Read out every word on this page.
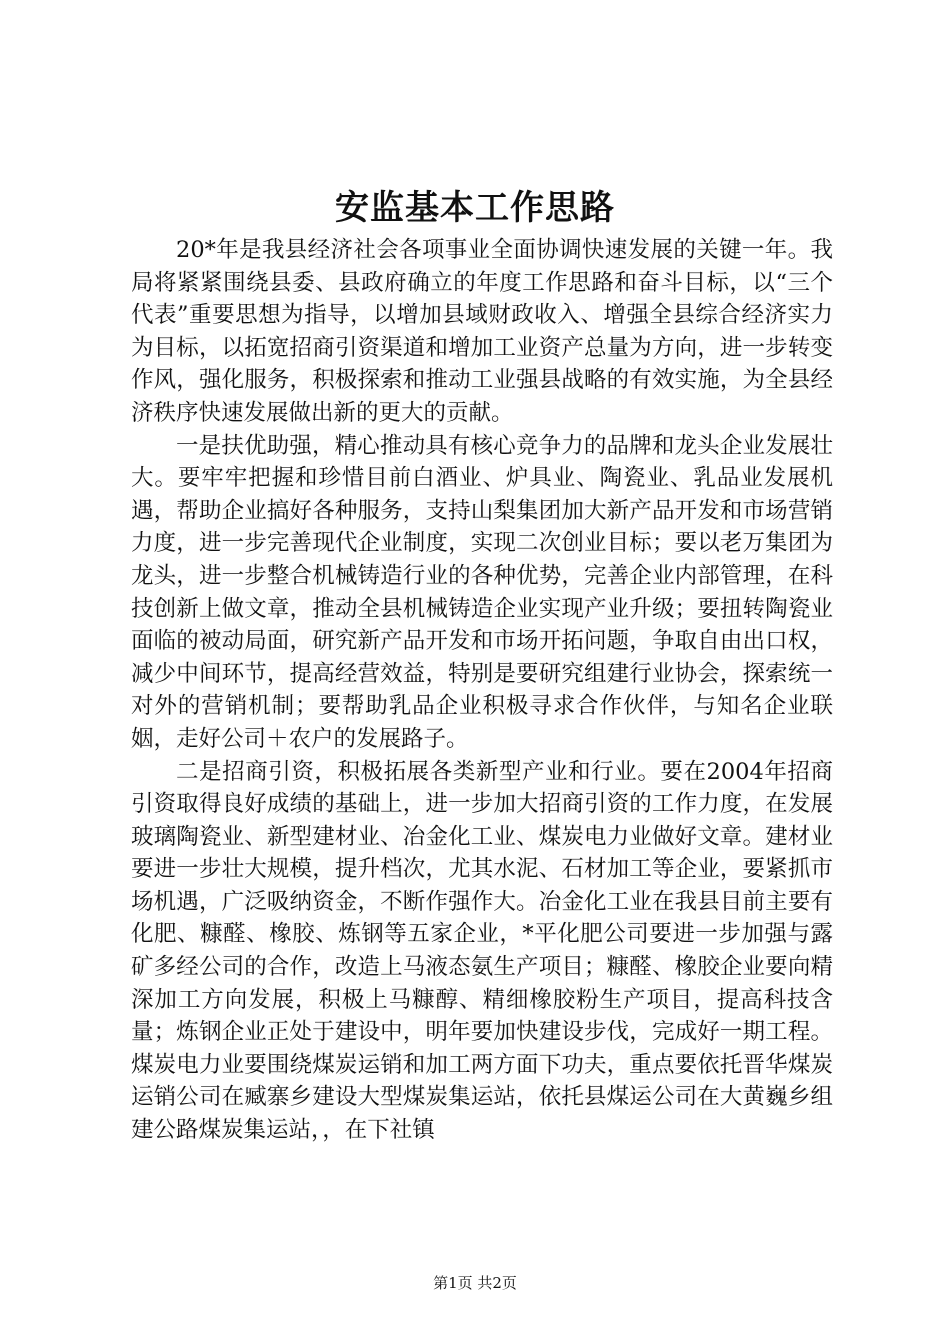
安监基本工作思路

20*年是我县经济社会各项事业全面协调快速发展的关键一年。我局将紧紧围绕县委、县政府确立的年度工作思路和奋斗目标，以“三个代表”重要思想为指导，以增加县域财政收入、增强全县综合经济实力为目标，以拓宽招商引资渠道和增加工业资产总量为方向，进一步转变作风，强化服务，积极探索和推动工业强县战略的有效实施，为全县经济秩序快速发展做出新的更大的贡献。

一是扶优助强，精心推动具有核心竞争力的品牌和龙头企业发展壮大。要牢牢把握和珍惜目前白酒业、炉具业、陶瓷业、乳品业发展机遇，帮助企业搞好各种服务，支持山梨集团加大新产品开发和市场营销力度，进一步完善现代企业制度，实现二次创业目标；要以老万集团为龙头，进一步整合机械铸造行业的各种优势，完善企业内部管理，在科技创新上做文章，推动全县机械铸造企业实现产业升级；要扭转陶瓷业面临的被动局面，研究新产品开发和市场开拓问题，争取自由出口权，减少中间环节，提高经营效益，特别是要研究组建行业协会，探索统一对外的营销机制；要帮助乳品企业积极寻求合作伙伴，与知名企业联姻，走好公司＋农户的发展路子。

二是招商引资，积极拓展各类新型产业和行业。要在2004年招商引资取得良好成绩的基础上，进一步加大招商引资的工作力度，在发展玻璃陶瓷业、新型建材业、冶金化工业、煤炭电力业做好文章。建材业要进一步壮大规模，提升档次，尤其水泥、石材加工等企业，要紧抓市场机遇，广泛吸纳资金，不断作强作大。冶金化工业在我县目前主要有化肥、糠醛、橡胶、炼钢等五家企业，*平化肥公司要进一步加强与露矿多经公司的合作，改造上马液态氨生产项目；糠醛、橡胶企业要向精深加工方向发展，积极上马糠醇、精细橡胶粉生产项目，提高科技含量；炼钢企业正处于建设中，明年要加快建设步伐，完成好一期工程。煤炭电力业要围绕煤炭运销和加工两方面下功夫，重点要依托晋华煤炭运销公司在臧寨乡建设大型煤炭集运站，依托县煤运公司在大黄巍乡组建公路煤炭集运站，，在下社镇

第1页 共2页
